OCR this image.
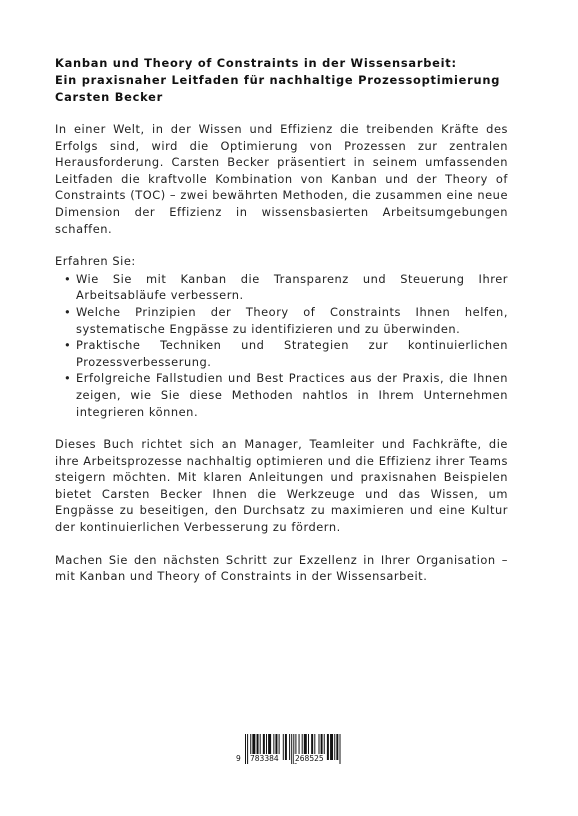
Kanban und Theory of Constraints in der Wissensarbeit:
Ein praxisnaher Leitfaden für nachhaltige Prozessoptimierung
Carsten Becker

In einer Welt, in der Wissen und Effizienz die treibenden Kräfte des Erfolgs sind, wird die Optimierung von Prozessen zur zentralen Herausforderung. Carsten Becker präsentiert in seinem umfassenden Leitfaden die kraftvolle Kombination von Kanban und der Theory of Constraints (TOC) – zwei bewährten Methoden, die zusammen eine neue Dimension der Effizienz in wissensbasierten Arbeitsumgebungen schaffen.

Erfahren Sie:

• Wie Sie mit Kanban die Transparenz und Steuerung Ihrer Arbeitsabläufe verbessern.
• Welche Prinzipien der Theory of Constraints Ihnen helfen, systematische Engpässe zu identifizieren und zu überwinden.
• Praktische Techniken und Strategien zur kontinuierlichen Prozessverbesserung.
• Erfolgreiche Fallstudien und Best Practices aus der Praxis, die Ihnen zeigen, wie Sie diese Methoden nahtlos in Ihrem Unternehmen integrieren können.

Dieses Buch richtet sich an Manager, Teamleiter und Fachkräfte, die ihre Arbeitsprozesse nachhaltig optimieren und die Effizienz ihrer Teams steigern möchten. Mit klaren Anleitungen und praxisnahen Beispielen bietet Carsten Becker Ihnen die Werkzeuge und das Wissen, um Engpässe zu beseitigen, den Durchsatz zu maximieren und eine Kultur der kontinuierlichen Verbesserung zu fördern.

Machen Sie den nächsten Schritt zur Exzellenz in Ihrer Organisation – mit Kanban und Theory of Constraints in der Wissensarbeit.

9 783384 268525
